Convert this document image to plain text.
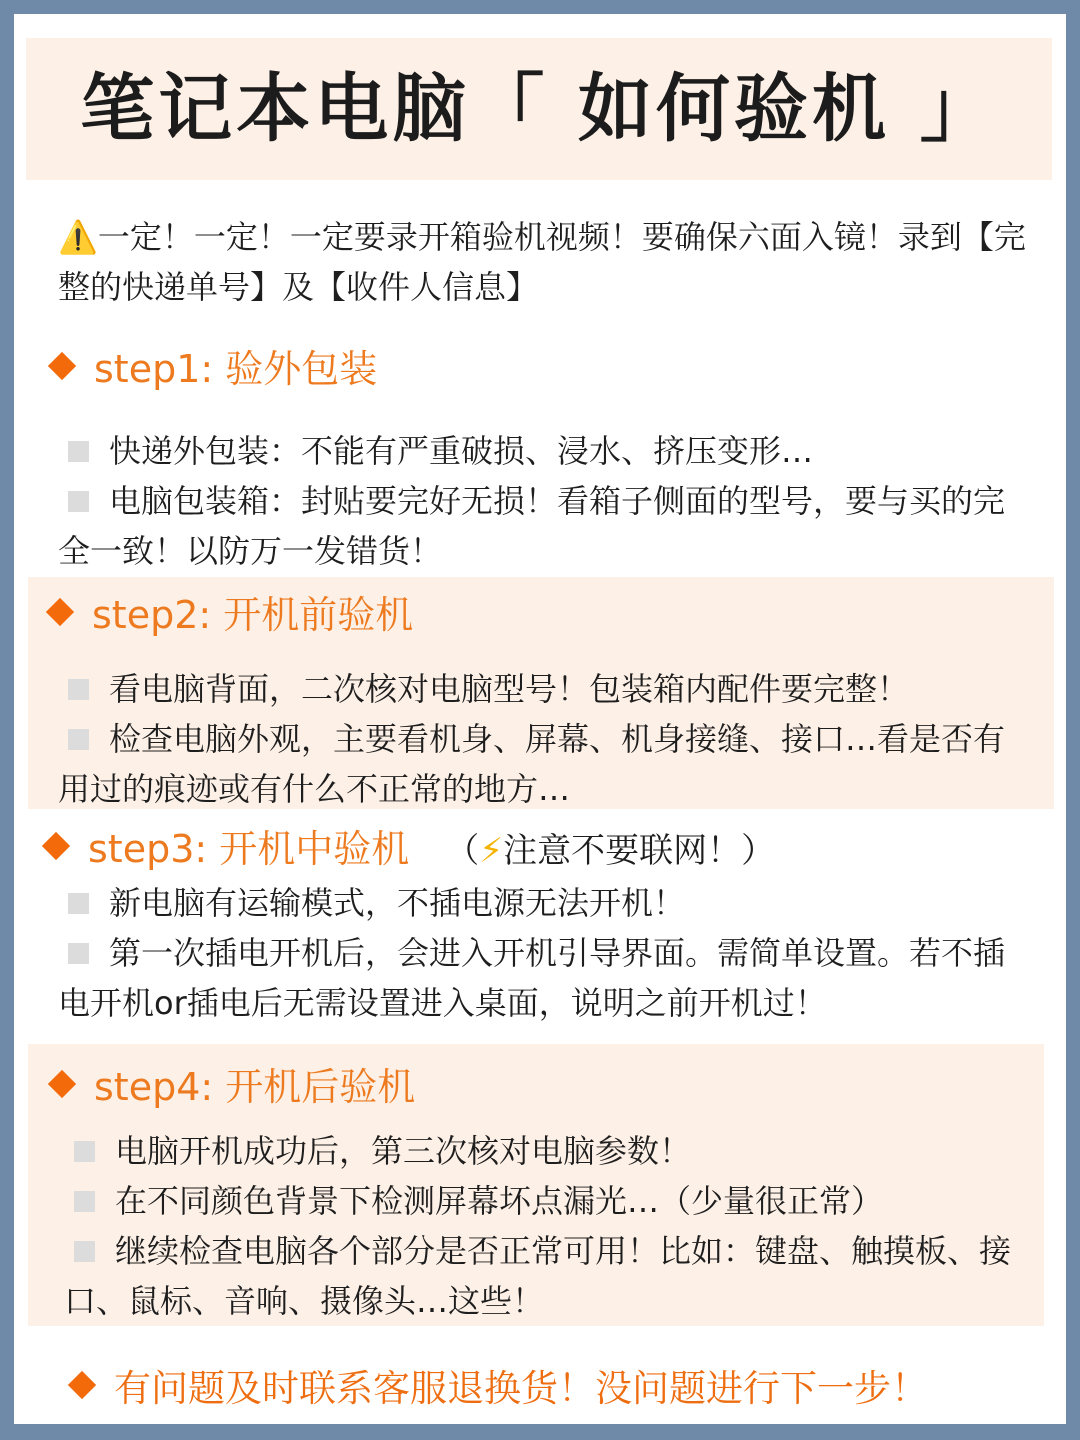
笔记本电脑「 如何验机 」
⚠️一定！一定！一定要录开箱验机视频！要确保六面入镜！录到【完整的快递单号】及【收件人信息】
step1: 验外包装
快递外包装：不能有严重破损、浸水、挤压变形…
电脑包装箱：封贴要完好无损！看箱子侧面的型号，要与买的完全一致！以防万一发错货！
step2: 开机前验机
看电脑背面，二次核对电脑型号！包装箱内配件要完整！
检查电脑外观，主要看机身、屏幕、机身接缝、接口…看是否有用过的痕迹或有什么不正常的地方…
step3: 开机中验机 （⚡注意不要联网！）
新电脑有运输模式，不插电源无法开机！
第一次插电开机后，会进入开机引导界面。需简单设置。若不插电开机or插电后无需设置进入桌面，说明之前开机过！
step4: 开机后验机
电脑开机成功后，第三次核对电脑参数！
在不同颜色背景下检测屏幕坏点漏光…（少量很正常）
继续检查电脑各个部分是否正常可用！比如：键盘、触摸板、接口、鼠标、音响、摄像头…这些！
有问题及时联系客服退换货！没问题进行下一步！
